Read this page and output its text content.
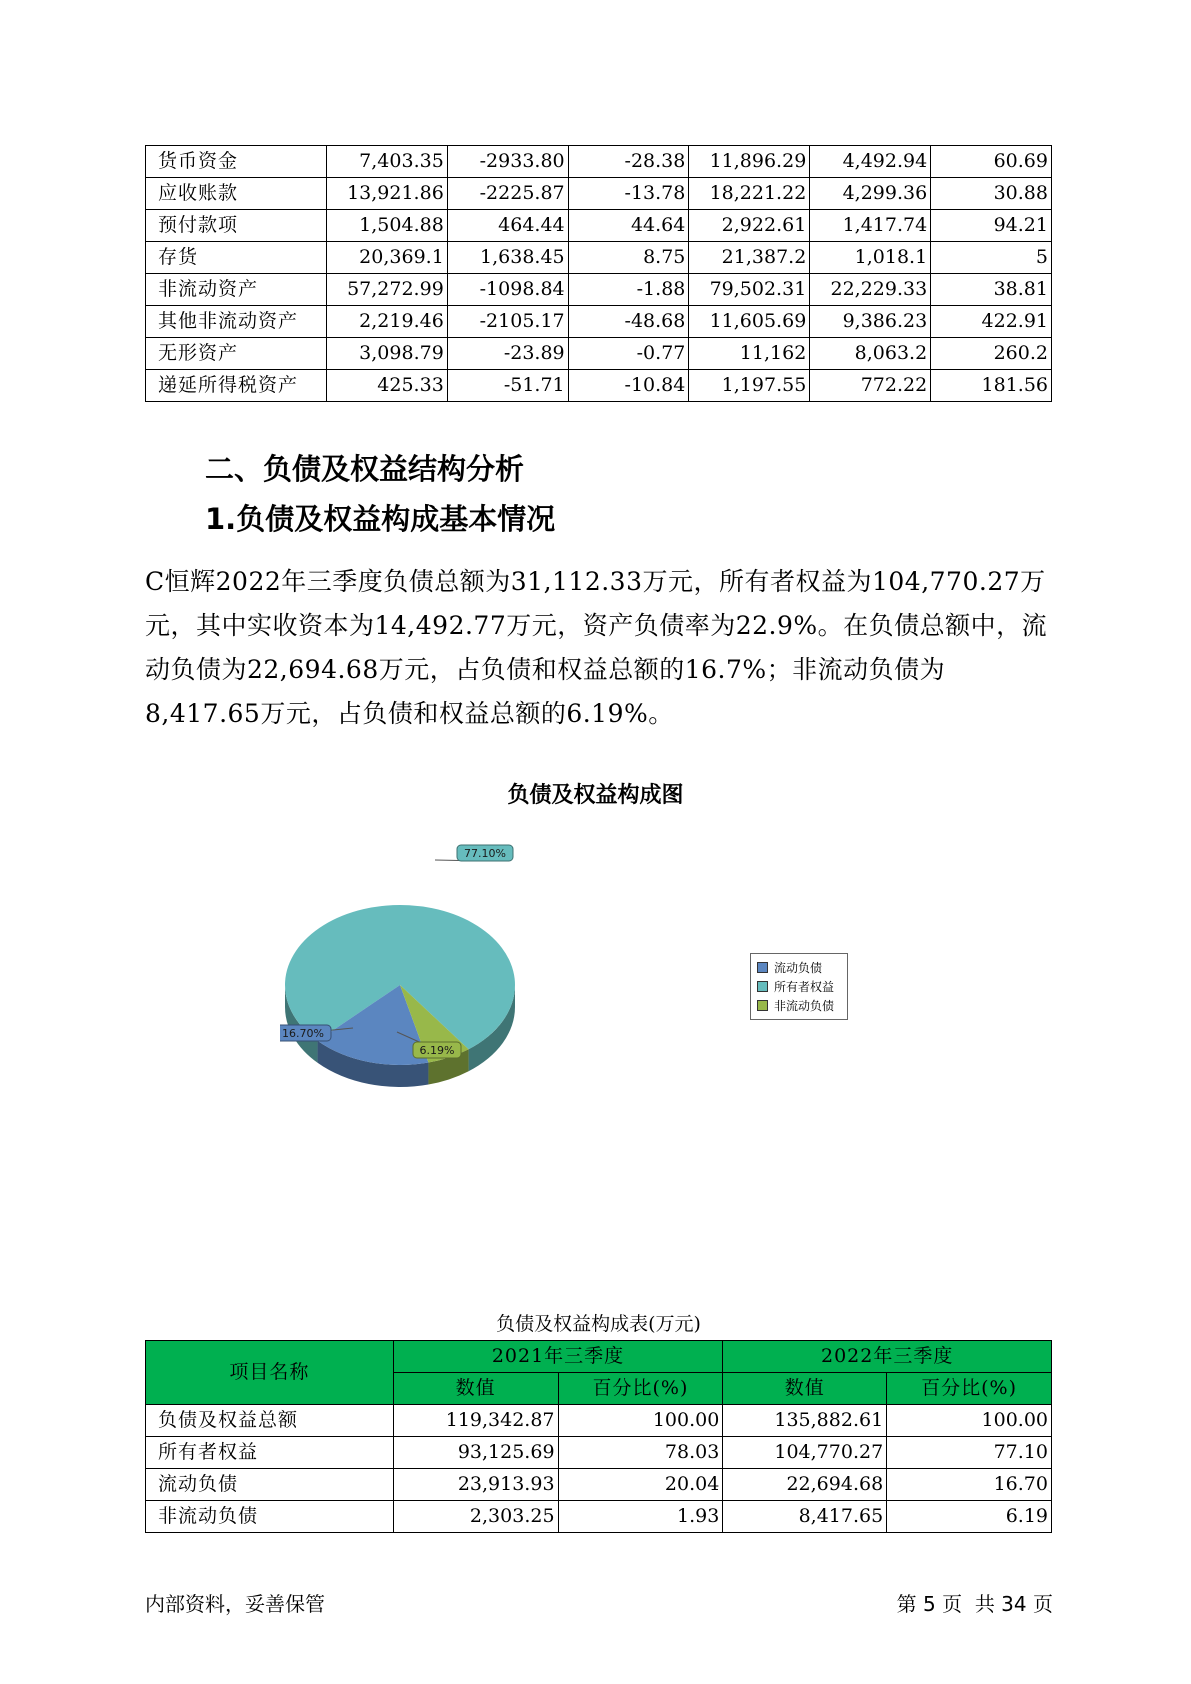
货币资金	7,403.35	-2933.80	-28.38	11,896.29	4,492.94	60.69
应收账款	13,921.86	-2225.87	-13.78	18,221.22	4,299.36	30.88
预付款项	1,504.88	464.44	44.64	2,922.61	1,417.74	94.21
存货	20,369.1	1,638.45	8.75	21,387.2	1,018.1	5
非流动资产	57,272.99	-1098.84	-1.88	79,502.31	22,229.33	38.81
其他非流动资产	2,219.46	-2105.17	-48.68	11,605.69	9,386.23	422.91
无形资产	3,098.79	-23.89	-0.77	11,162	8,063.2	260.2
递延所得税资产	425.33	-51.71	-10.84	1,197.55	772.22	181.56
二、负债及权益结构分析
1.负债及权益构成基本情况

C恒辉2022年三季度负债总额为31,112.33万元，所有者权益为104,770.27万元，其中实收资本为14,492.77万元，资产负债率为22.9%。在负债总额中，流动负债为22,694.68万元，占负债和权益总额的16.7%；非流动负债为8,417.65万元，占负债和权益总额的6.19%。

负债及权益构成图

16.70%
77.10%
6.19%
流动负债
所有者权益
非流动负债

负债及权益构成表(万元)

项目名称	2021年三季度		2022年三季度	
	数值	百分比(%)	数值	百分比(%)
负债及权益总额	119,342.87	100.00	135,882.61	100.00
所有者权益	93,125.69	78.03	104,770.27	77.10
流动负债	23,913.93	20.04	22,694.68	16.70
非流动负债	2,303.25	1.93	8,417.65	6.19

内部资料，妥善保管	第 5 页  共 34 页
